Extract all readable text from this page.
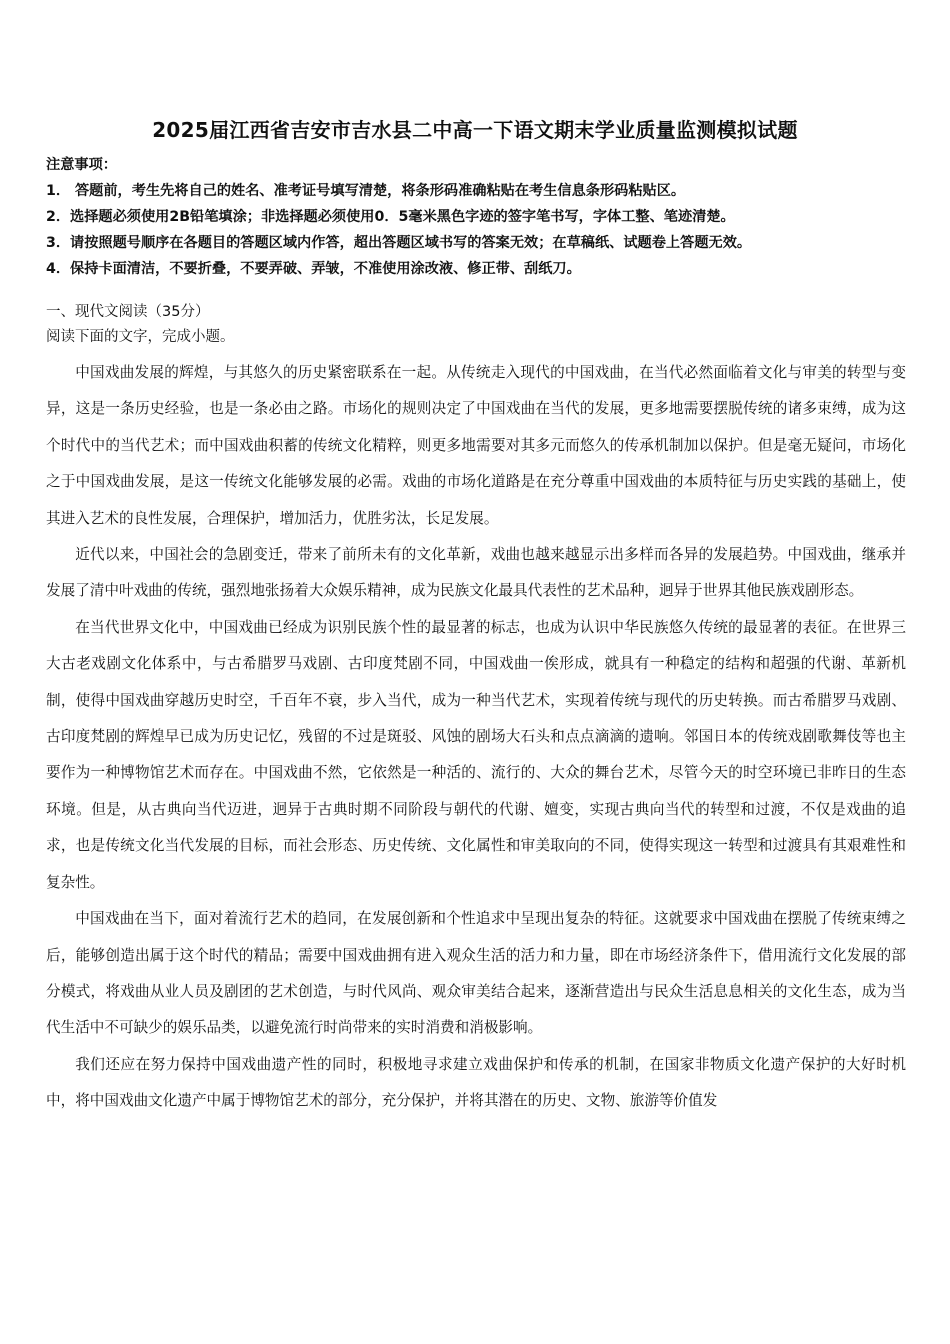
2025届江西省吉安市吉水县二中高一下语文期末学业质量监测模拟试题
注意事项：
1． 答题前，考生先将自己的姓名、准考证号填写清楚，将条形码准确粘贴在考生信息条形码粘贴区。
2．选择题必须使用2B铅笔填涂；非选择题必须使用0．5毫米黑色字迹的签字笔书写，字体工整、笔迹清楚。
3．请按照题号顺序在各题目的答题区域内作答，超出答题区域书写的答案无效；在草稿纸、试题卷上答题无效。
4．保持卡面清洁，不要折叠，不要弄破、弄皱，不准使用涂改液、修正带、刮纸刀。
一、现代文阅读（35分）
阅读下面的文字，完成小题。

中国戏曲发展的辉煌，与其悠久的历史紧密联系在一起。从传统走入现代的中国戏曲，在当代必然面临着文化与审美的转型与变异，这是一条历史经验，也是一条必由之路。市场化的规则决定了中国戏曲在当代的发展，更多地需要摆脱传统的诸多束缚，成为这个时代中的当代艺术；而中国戏曲积蓄的传统文化精粹，则更多地需要对其多元而悠久的传承机制加以保护。但是毫无疑问，市场化之于中国戏曲发展，是这一传统文化能够发展的必需。戏曲的市场化道路是在充分尊重中国戏曲的本质特征与历史实践的基础上，使其进入艺术的良性发展，合理保护，增加活力，优胜劣汰，长足发展。

近代以来，中国社会的急剧变迁，带来了前所未有的文化革新，戏曲也越来越显示出多样而各异的发展趋势。中国戏曲，继承并发展了清中叶戏曲的传统，强烈地张扬着大众娱乐精神，成为民族文化最具代表性的艺术品种，迥异于世界其他民族戏剧形态。

在当代世界文化中，中国戏曲已经成为识别民族个性的最显著的标志，也成为认识中华民族悠久传统的最显著的表征。在世界三大古老戏剧文化体系中，与古希腊罗马戏剧、古印度梵剧不同，中国戏曲一俟形成，就具有一种稳定的结构和超强的代谢、革新机制，使得中国戏曲穿越历史时空，千百年不衰，步入当代，成为一种当代艺术，实现着传统与现代的历史转换。而古希腊罗马戏剧、古印度梵剧的辉煌早已成为历史记忆，残留的不过是斑驳、风蚀的剧场大石头和点点滴滴的遗响。邻国日本的传统戏剧歌舞伎等也主要作为一种博物馆艺术而存在。中国戏曲不然，它依然是一种活的、流行的、大众的舞台艺术，尽管今天的时空环境已非昨日的生态环境。但是，从古典向当代迈进，迥异于古典时期不同阶段与朝代的代谢、嬗变，实现古典向当代的转型和过渡，不仅是戏曲的追求，也是传统文化当代发展的目标，而社会形态、历史传统、文化属性和审美取向的不同，使得实现这一转型和过渡具有其艰难性和复杂性。

中国戏曲在当下，面对着流行艺术的趋同，在发展创新和个性追求中呈现出复杂的特征。这就要求中国戏曲在摆脱了传统束缚之后，能够创造出属于这个时代的精品；需要中国戏曲拥有进入观众生活的活力和力量，即在市场经济条件下，借用流行文化发展的部分模式，将戏曲从业人员及剧团的艺术创造，与时代风尚、观众审美结合起来，逐渐营造出与民众生活息息相关的文化生态，成为当代生活中不可缺少的娱乐品类，以避免流行时尚带来的实时消费和消极影响。

我们还应在努力保持中国戏曲遗产性的同时，积极地寻求建立戏曲保护和传承的机制，在国家非物质文化遗产保护的大好时机中，将中国戏曲文化遗产中属于博物馆艺术的部分，充分保护，并将其潜在的历史、文物、旅游等价值发
